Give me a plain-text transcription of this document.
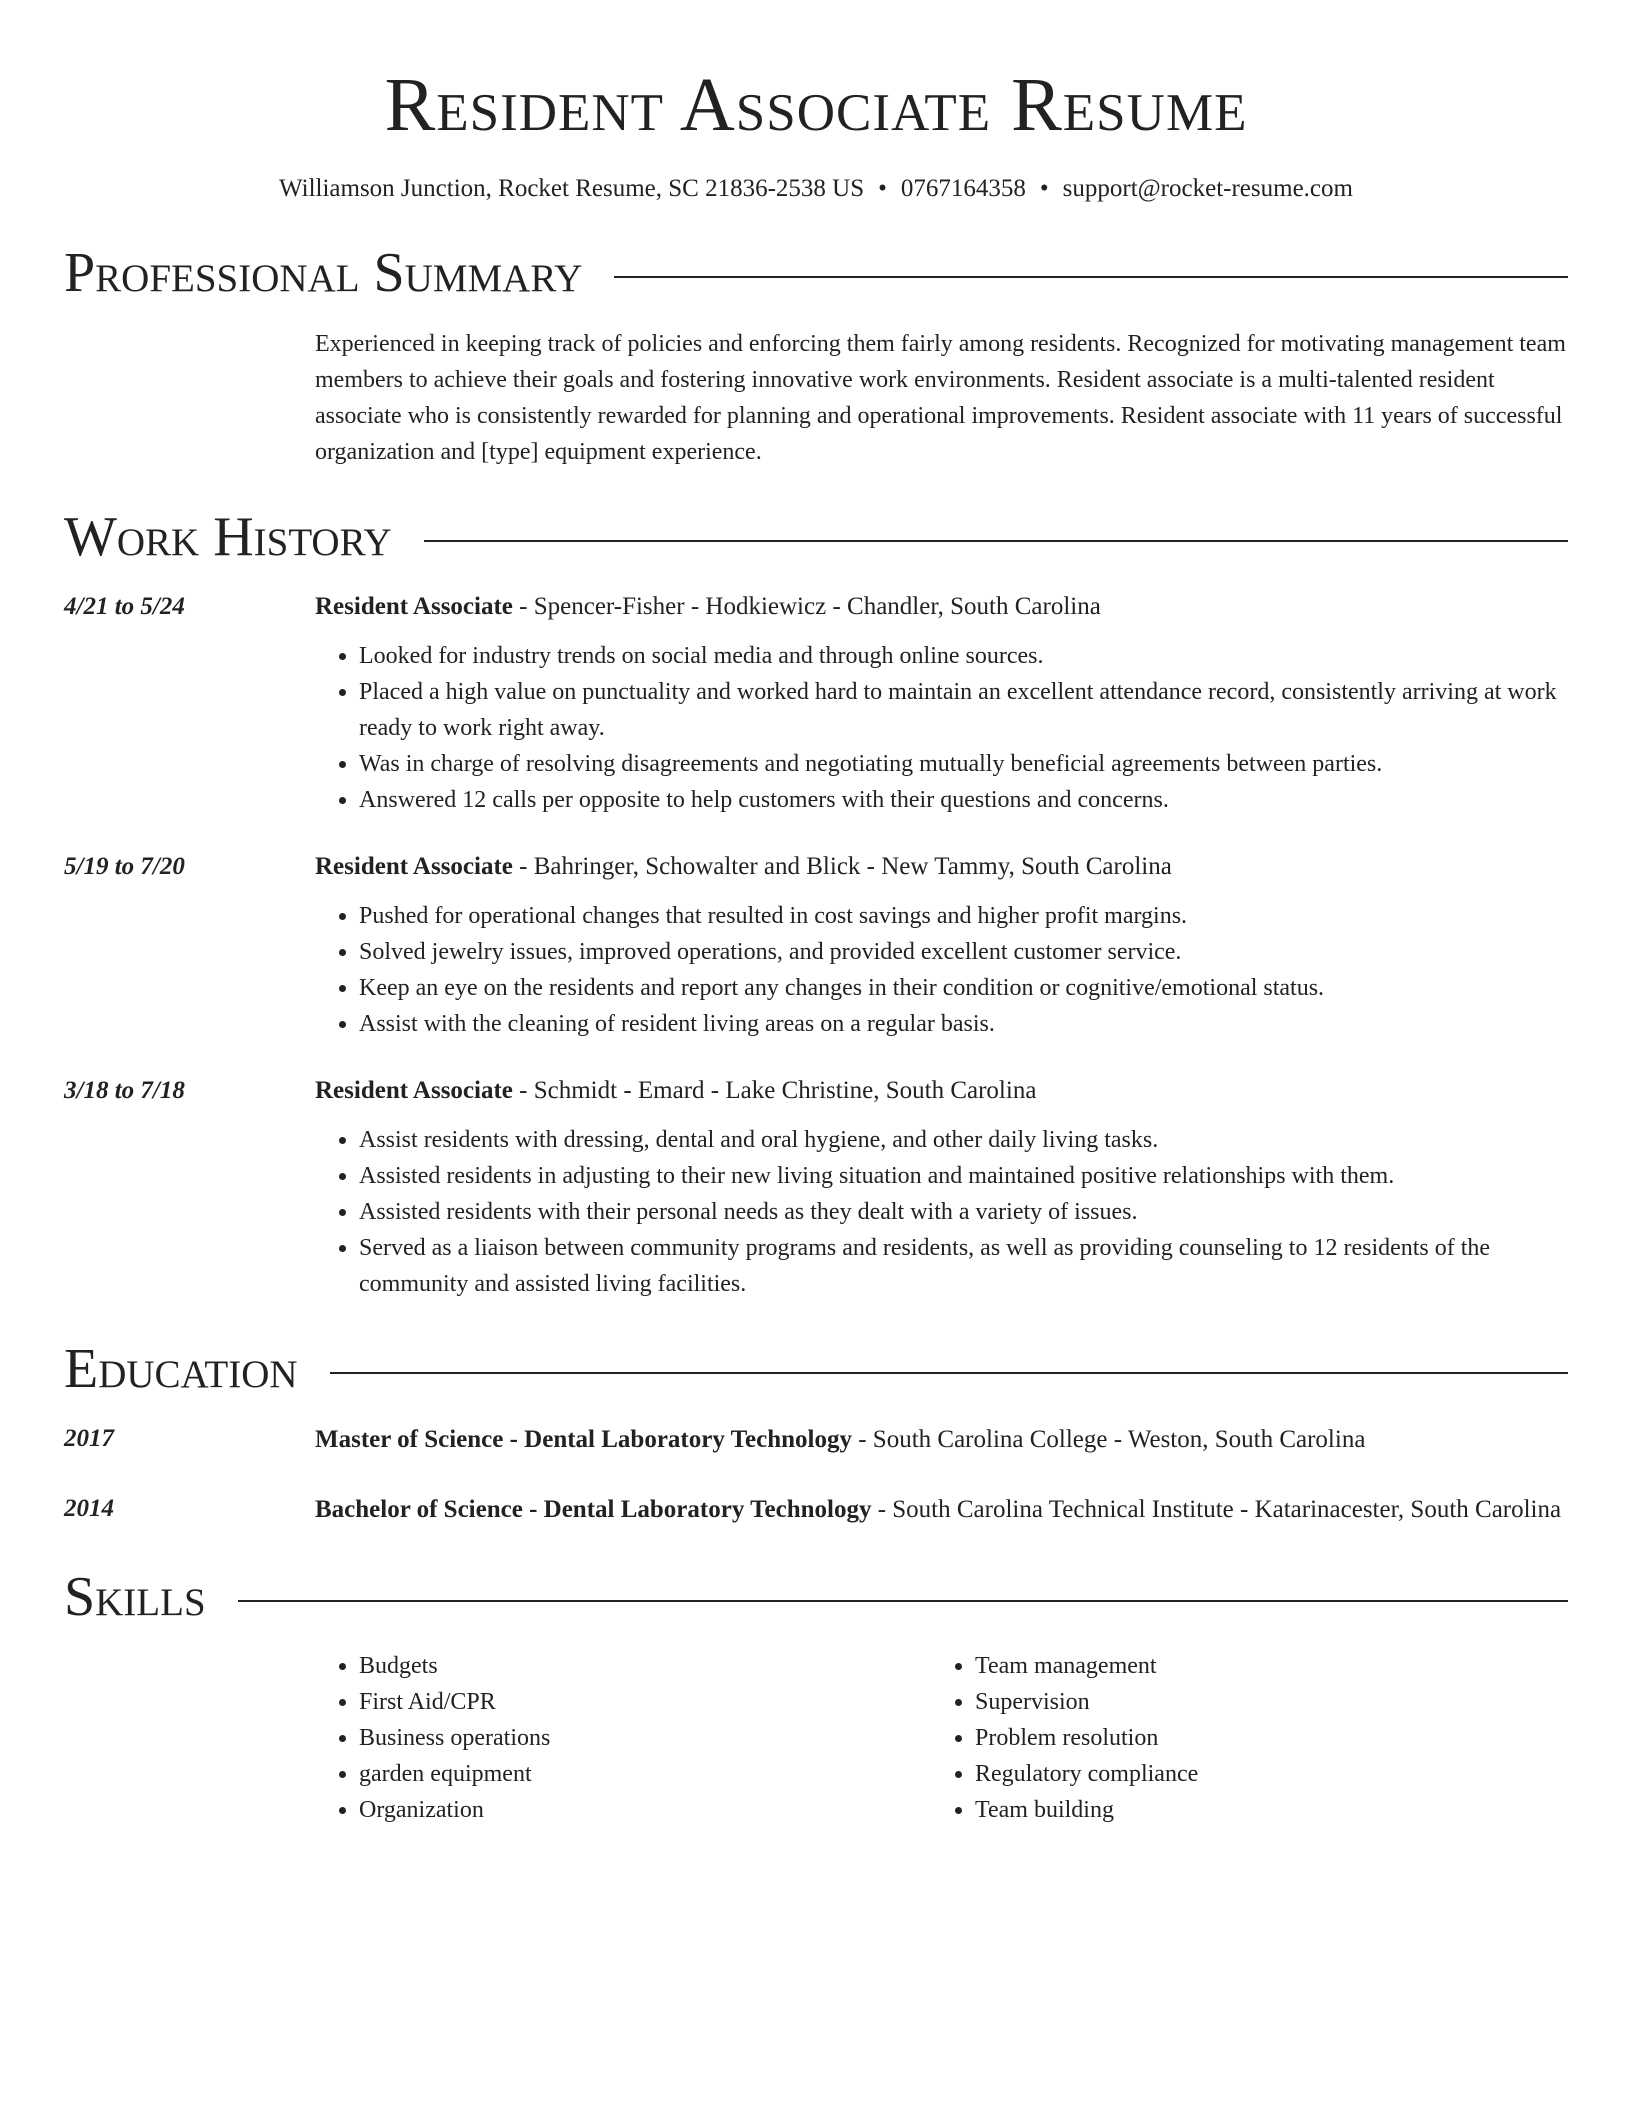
Resident Associate Resume
Williamson Junction, Rocket Resume, SC 21836-2538 US • 0767164358 • support@rocket-resume.com
Professional Summary

Experienced in keeping track of policies and enforcing them fairly among residents. Recognized for motivating management team members to achieve their goals and fostering innovative work environments. Resident associate is a multi-talented resident associate who is consistently rewarded for planning and operational improvements. Resident associate with 11 years of successful organization and [type] equipment experience.

Work History
4/21 to 5/24	Resident Associate - Spencer-Fisher - Hodkiewicz - Chandler, South Carolina
• Looked for industry trends on social media and through online sources.
• Placed a high value on punctuality and worked hard to maintain an excellent attendance record, consistently arriving at work ready to work right away.
• Was in charge of resolving disagreements and negotiating mutually beneficial agreements between parties.
• Answered 12 calls per opposite to help customers with their questions and concerns.
5/19 to 7/20	Resident Associate - Bahringer, Schowalter and Blick - New Tammy, South Carolina
• Pushed for operational changes that resulted in cost savings and higher profit margins.
• Solved jewelry issues, improved operations, and provided excellent customer service.
• Keep an eye on the residents and report any changes in their condition or cognitive/emotional status.
• Assist with the cleaning of resident living areas on a regular basis.
3/18 to 7/18	Resident Associate - Schmidt - Emard - Lake Christine, South Carolina
• Assist residents with dressing, dental and oral hygiene, and other daily living tasks.
• Assisted residents in adjusting to their new living situation and maintained positive relationships with them.
• Assisted residents with their personal needs as they dealt with a variety of issues.
• Served as a liaison between community programs and residents, as well as providing counseling to 12 residents of the community and assisted living facilities.
Education
2017	Master of Science - Dental Laboratory Technology - South Carolina College - Weston, South Carolina
2014	Bachelor of Science - Dental Laboratory Technology - South Carolina Technical Institute - Katarinacester, South Carolina
Skills
• Budgets
• First Aid/CPR
• Business operations
• garden equipment
• Organization
• Team management
• Supervision
• Problem resolution
• Regulatory compliance
• Team building
